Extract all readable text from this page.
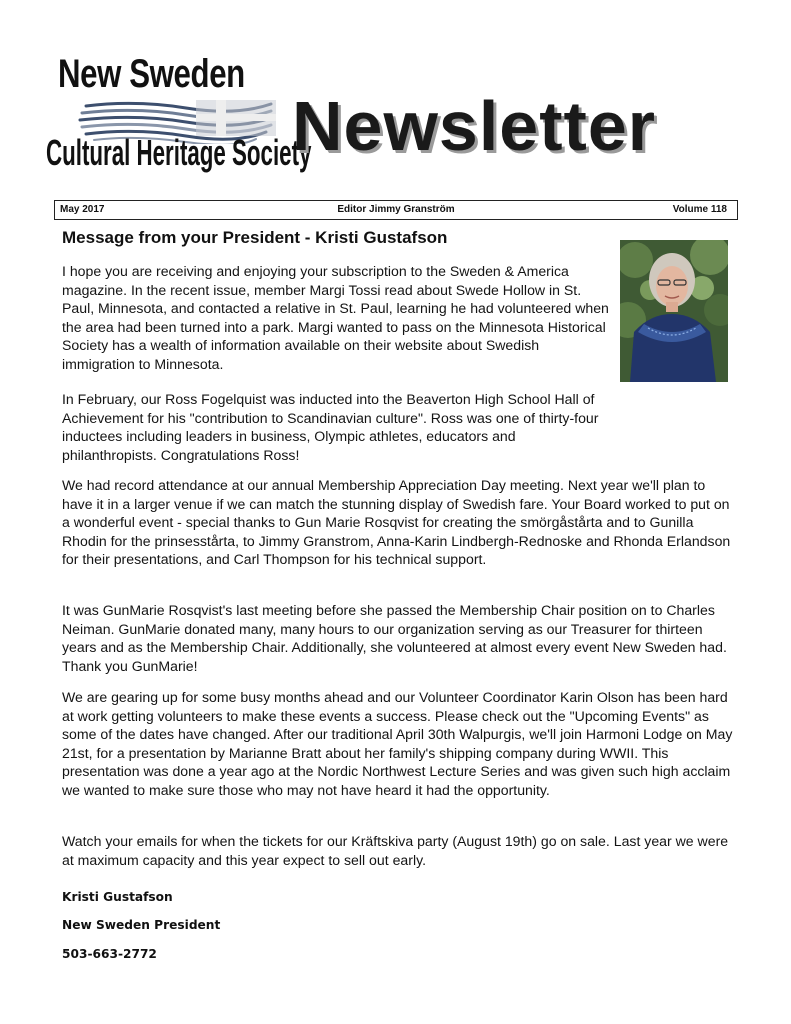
New Sweden
Cultural Heritage Society
Newsletter
May 2017	Editor Jimmy Granström	Volume 118
Message from your President - Kristi Gustafson

I hope you are receiving and enjoying your subscription to the Sweden & America magazine. In the recent issue, member Margi Tossi read about Swede Hollow in St. Paul, Minnesota, and contacted a relative in St. Paul, learning he had volunteered when the area had been turned into a park. Margi wanted to pass on the Minnesota Historical Society has a wealth of information available on their website about Swedish immigration to Minnesota.

In February, our Ross Fogelquist was inducted into the Beaverton High School Hall of Achievement for his "contribution to Scandinavian culture". Ross was one of thirty-four inductees including leaders in business, Olympic athletes, educators and philanthropists. Congratulations Ross!

We had record attendance at our annual Membership Appreciation Day meeting. Next year we'll plan to have it in a larger venue if we can match the stunning display of Swedish fare. Your Board worked to put on a wonderful event - special thanks to Gun Marie Rosqvist for creating the smörgåstårta and to Gunilla Rhodin for the prinsesstårta, to Jimmy Granstrom, Anna-Karin Lindbergh-Rednoske and Rhonda Erlandson for their presentations, and Carl Thompson for his technical support.

It was GunMarie Rosqvist's last meeting before she passed the Membership Chair position on to Charles Neiman. GunMarie donated many, many hours to our organization serving as our Treasurer for thirteen years and as the Membership Chair. Additionally, she volunteered at almost every event New Sweden had. Thank you GunMarie!

We are gearing up for some busy months ahead and our Volunteer Coordinator Karin Olson has been hard at work getting volunteers to make these events a success. Please check out the "Upcoming Events" as some of the dates have changed. After our traditional April 30th Walpurgis, we'll join Harmoni Lodge on May 21st, for a presentation by Marianne Bratt about her family's shipping company during WWII. This presentation was done a year ago at the Nordic Northwest Lecture Series and was given such high acclaim we wanted to make sure those who may not have heard it had the opportunity.

Watch your emails for when the tickets for our Kräftskiva party (August 19th) go on sale. Last year we were at maximum capacity and this year expect to sell out early.

Kristi Gustafson

New Sweden President

503-663-2772
